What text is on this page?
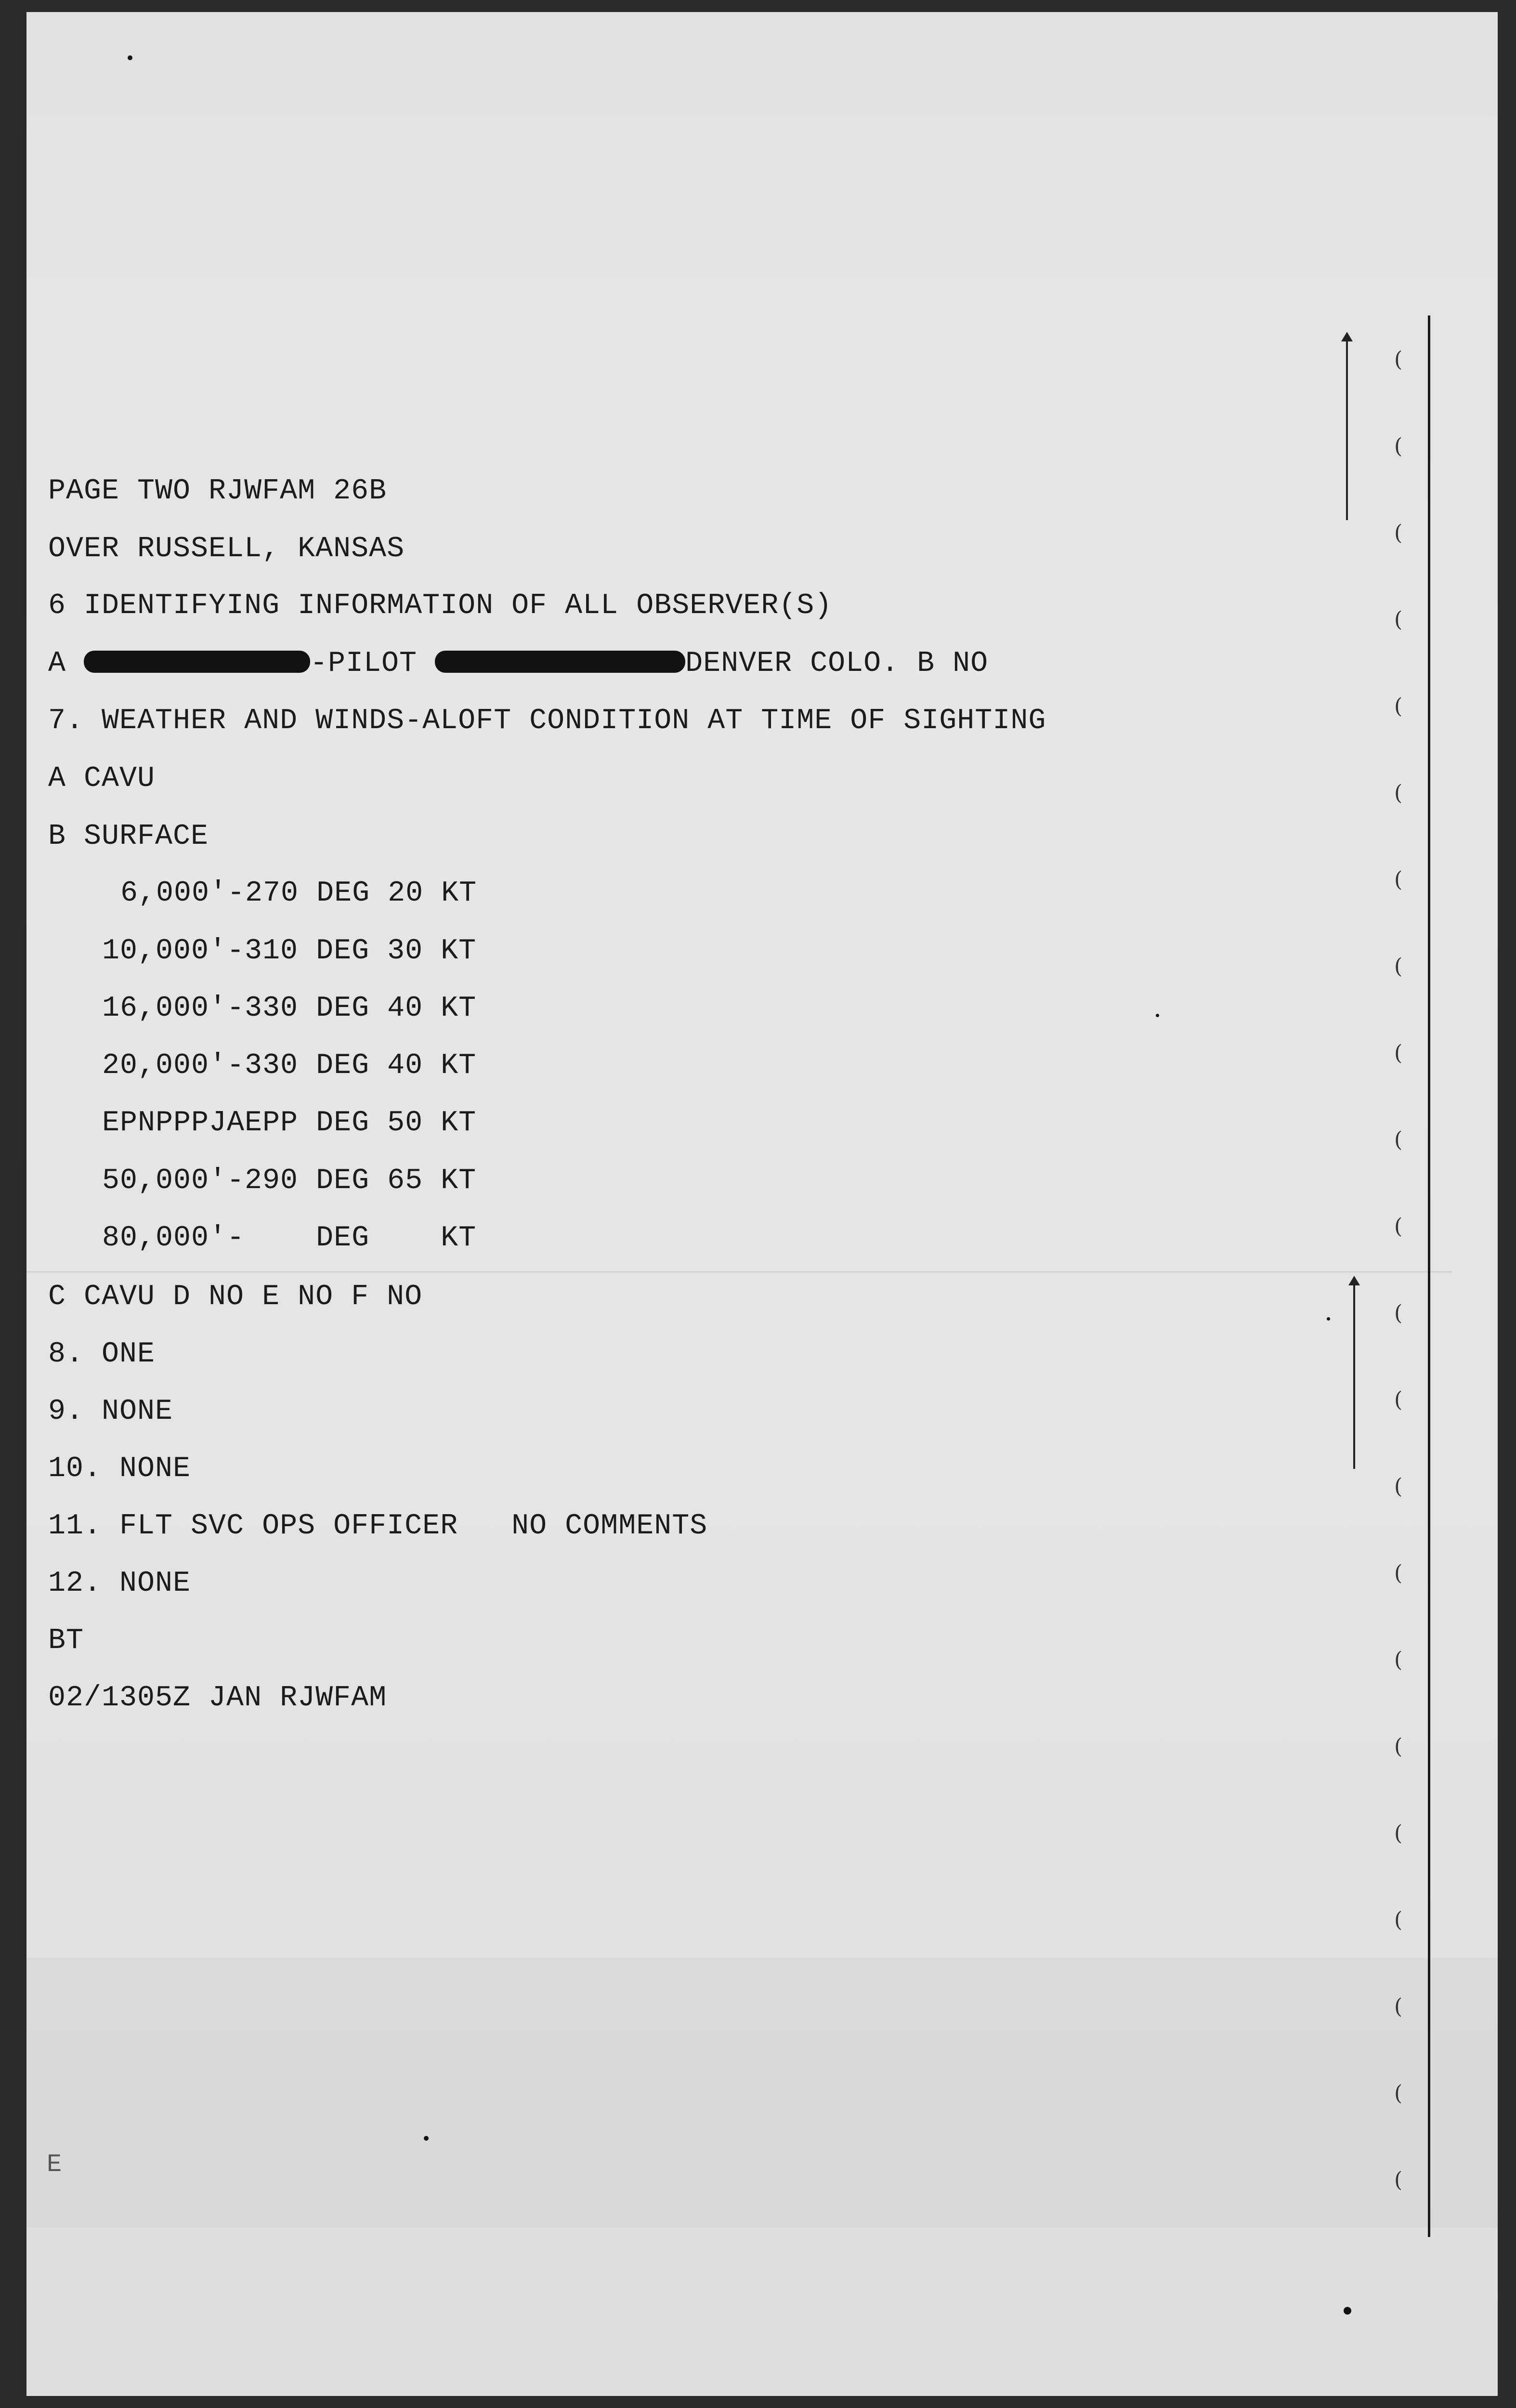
PAGE TWO RJWFAM 26B

OVER RUSSELL, KANSAS

6 IDENTIFYING INFORMATION OF ALL OBSERVER(S)

A	-PILOT	DENVER COLO. B NO

7. WEATHER AND WINDS-ALOFT CONDITION AT TIME OF SIGHTING

A CAVU

B SURFACE

6,000'-270 DEG 20 KT

10,000'-310 DEG 30 KT

16,000'-330 DEG 40 KT

20,000'-330 DEG 40 KT

EPNPPPJAEPP DEG 50 KT

50,000'-290 DEG 65 KT

80,000'-    DEG    KT

C CAVU D NO E NO F NO

8. ONE

9. NONE

10. NONE

11. FLT SVC OPS OFFICER   NO COMMENTS

12. NONE

BT

02/1305Z JAN RJWFAM

E

(

(

(

(

(

(

(

(

(

(

(

(

(

(

(

(

(

(

(

(

(

(
